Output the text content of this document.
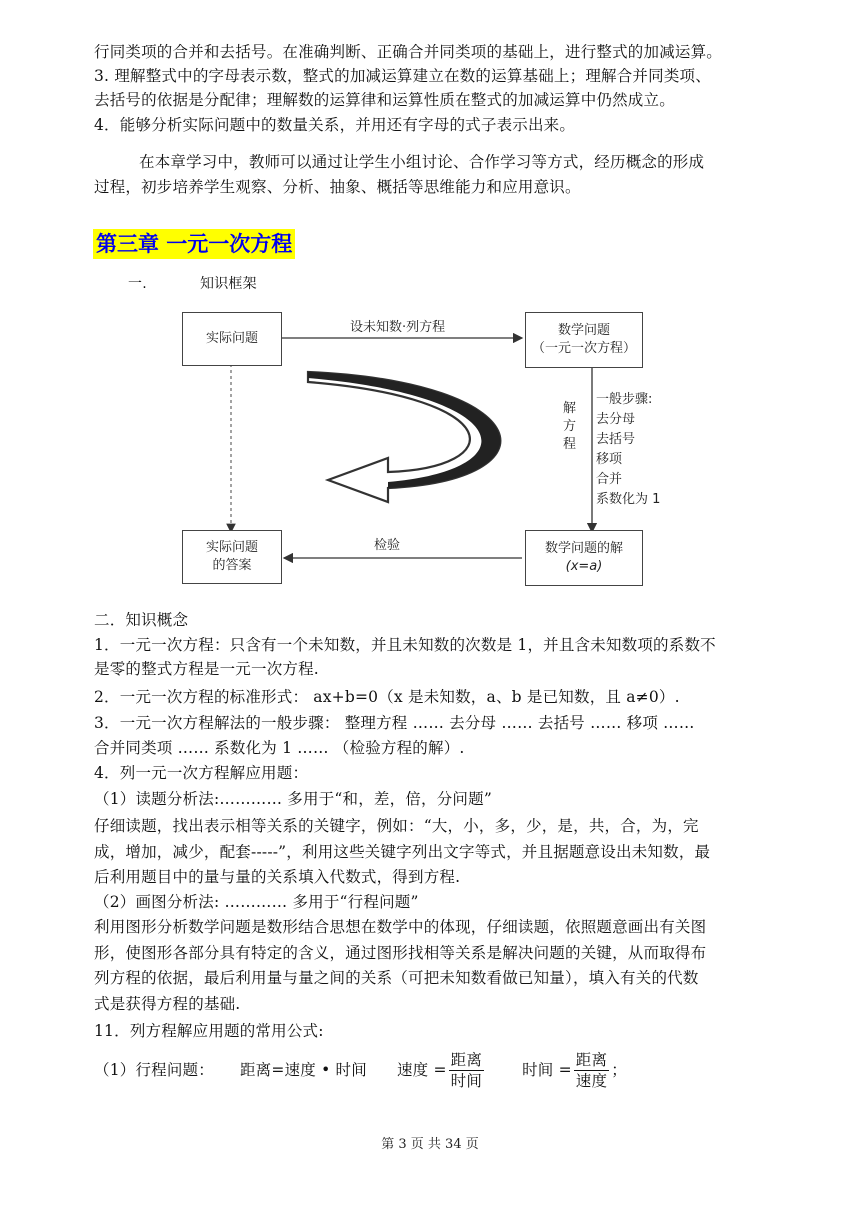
行同类项的合并和去括号。在准确判断、正确合并同类项的基础上，进行整式的加减运算。
3. 理解整式中的字母表示数，整式的加减运算建立在数的运算基础上；理解合并同类项、
去括号的依据是分配律；理解数的运算律和运算性质在整式的加减运算中仍然成立。
4．能够分析实际问题中的数量关系，并用还有字母的式子表示出来。
在本章学习中，教师可以通过让学生小组讨论、合作学习等方式，经历概念的形成
过程，初步培养学生观察、分析、抽象、概括等思维能力和应用意识。
第三章 一元一次方程
一.	知识框架
实际问题
数学问题
（一元一次方程）
实际问题
的答案
数学问题的解
(x=a)
设未知数·列方程
检验
解方程
一般步骤:
去分母
去括号
移项
合并
系数化为 1
二．知识概念
1．一元一次方程：只含有一个未知数，并且未知数的次数是 1，并且含未知数项的系数不
是零的整式方程是一元一次方程.
2．一元一次方程的标准形式： ax+b=0（x 是未知数，a、b 是已知数，且 a≠0）.
3．一元一次方程解法的一般步骤： 整理方程 …… 去分母 …… 去括号 …… 移项 ……
合并同类项 …… 系数化为 1 …… （检验方程的解）.
4．列一元一次方程解应用题：
（1）读题分析法:………… 多用于“和，差，倍，分问题”
仔细读题，找出表示相等关系的关键字，例如：“大，小，多，少，是，共，合，为，完
成，增加，减少，配套-----”，利用这些关键字列出文字等式，并且据题意设出未知数，最
后利用题目中的量与量的关系填入代数式，得到方程.
（2）画图分析法: ………… 多用于“行程问题”
利用图形分析数学问题是数形结合思想在数学中的体现，仔细读题，依照题意画出有关图
形，使图形各部分具有特定的含义，通过图形找相等关系是解决问题的关键，从而取得布
列方程的依据，最后利用量与量之间的关系（可把未知数看做已知量），填入有关的代数
式是获得方程的基础.
11．列方程解应用题的常用公式:
（1）行程问题： 距离=速度 • 时间 速度 = $\frac{\text{距离}}{\text{时间}}$ 时间 = $\frac{\text{距离}}{\text{速度}}$ ；
第 3 页 共 34 页
